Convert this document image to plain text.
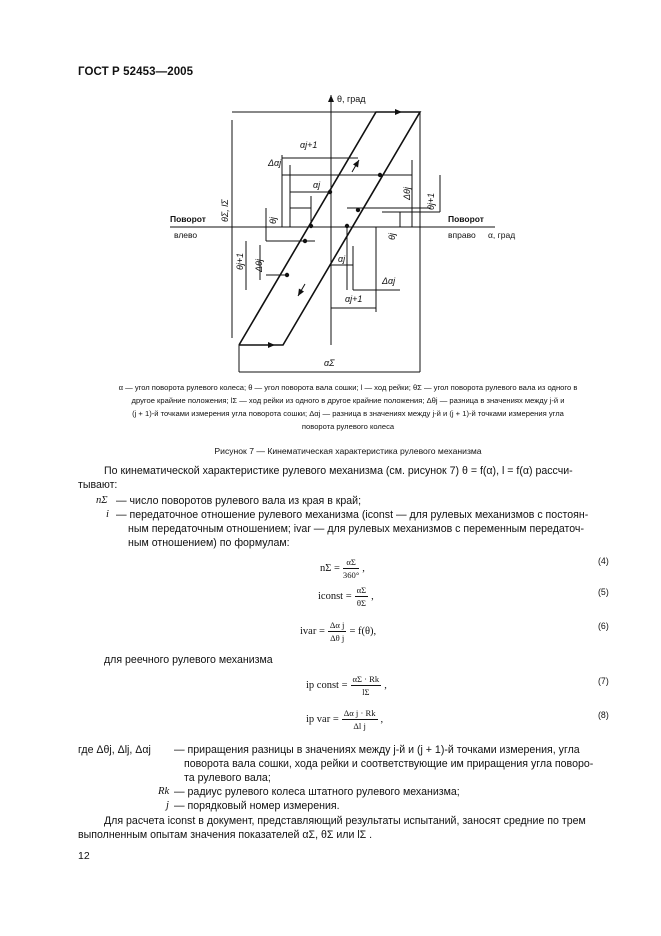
ГОСТ Р 52453—2005
θ, град
α, град
Поворот
влево
Поворот
вправо
αj+1
Δαj
αj
θΣ, lΣ	θj
θj+1 Δθj
Δθj θj+1
θj
αj
Δαj
αj+1
αΣ
α — угол поворота рулевого колеса; θ — угол поворота вала сошки; l — ход рейки; θΣ — угол поворота рулевого вала из одного в
другое крайние положения; lΣ — ход рейки из одного в другое крайние положения; Δθj — разница в значениях между j-й и
(j + 1)-й точками измерения угла поворота сошки; Δαj — разница в значениях между j-й и (j + 1)-й точками измерения угла
поворота рулевого колеса
Рисунок 7 — Кинематическая характеристика рулевого механизма
По кинематической характеристике рулевого механизма (см. рисунок 7) θ = f(α), l = f(α) рассчи-
тывают:
nΣ — число поворотов рулевого вала из края в край;
i — передаточное отношение рулевого механизма (iconst — для рулевых механизмов с постоян-
ным передаточным отношением; ivar — для рулевых механизмов с переменным передаточ-
ным отношением) по формулам:
$n\Sigma = \frac{\alpha\Sigma}{360^\circ}$ ,
(4)
iconst = $\frac{\alpha\Sigma}{\theta\Sigma}$ ,	(5)
ivar = $\frac{\text{Δα j}}{\text{Δθ j}} = f(\theta)$,	(6)
для реечного рулевого механизма
ip const = $\frac{\alpha\Sigma \cdot Rk}{l\Sigma}$ ,	(7)
ip var = $\frac{\text{Δα j · Rk}}{\text{Δl j}}$ ,	(8)
где Δθj, Δlj, Δαj — приращения разницы в значениях между j-й и (j + 1)-й точками измерения, угла
поворота вала сошки, хода рейки и соответствующие им приращения угла поворо-
та рулевого вала;
Rk — радиус рулевого колеса штатного рулевого механизма;
j — порядковый номер измерения.
Для расчета iconst в документ, представляющий результаты испытаний, заносят средние по трем
выполненным опытам значения показателей αΣ, θΣ или lΣ .
12
